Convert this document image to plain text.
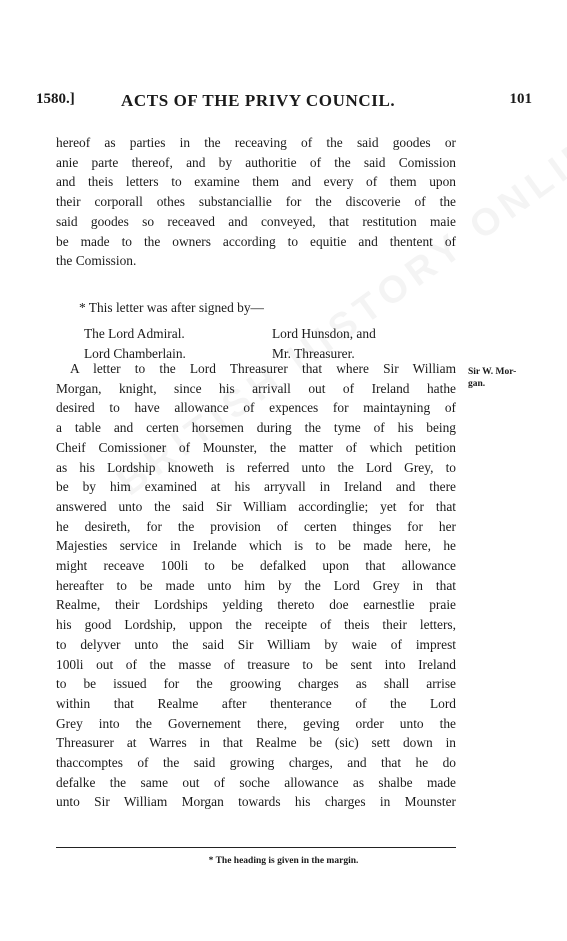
1580.]	ACTS OF THE PRIVY COUNCIL.	101
hereof as parties in the receaving of the said goodes or
anie parte thereof, and by authoritie of the said Comission
and theis letters to examine them and every of them upon
their corporall othes substanciallie for the discoverie of the
said goodes so receaved and conveyed, that restitution maie
be made to the owners according to equitie and thentent of
the Comission.
* This letter was after signed by—
The Lord Admiral.
Lord Chamberlain.
Lord Hunsdon, and
Mr. Threasurer.
Sir W. Mor-
gan.
A letter to the Lord Threasurer that where Sir William
Morgan, knight, since his arrivall out of Ireland hathe
desired to have allowance of expences for maintayning of
a table and certen horsemen during the tyme of his being
Cheif Comissioner of Mounster, the matter of which petition
as his Lordship knoweth is referred unto the Lord Grey, to
be by him examined at his arryvall in Ireland and there
answered unto the said Sir William accordinglie; yet for that
he desireth, for the provision of certen thinges for her
Majesties service in Irelande which is to be made here, he
might receave 100li to be defalked upon that allowance
hereafter to be made unto him by the Lord Grey in that
Realme, their Lordships yelding thereto doe earnestlie praie
his good Lordship, uppon the receipte of theis their letters,
to delyver unto the said Sir William by waie of imprest
100li out of the masse of treasure to be sent into Ireland
to be issued for the groowing charges as shall arrise
within that Realme after thenterance of the Lord
Grey into the Governement there, geving order unto the
Threasurer at Warres in that Realme be (sic) sett down in
thaccomptes of the said growing charges, and that he do
defalke the same out of soche allowance as shalbe made
unto Sir William Morgan towards his charges in Mounster
* The heading is given in the margin.
